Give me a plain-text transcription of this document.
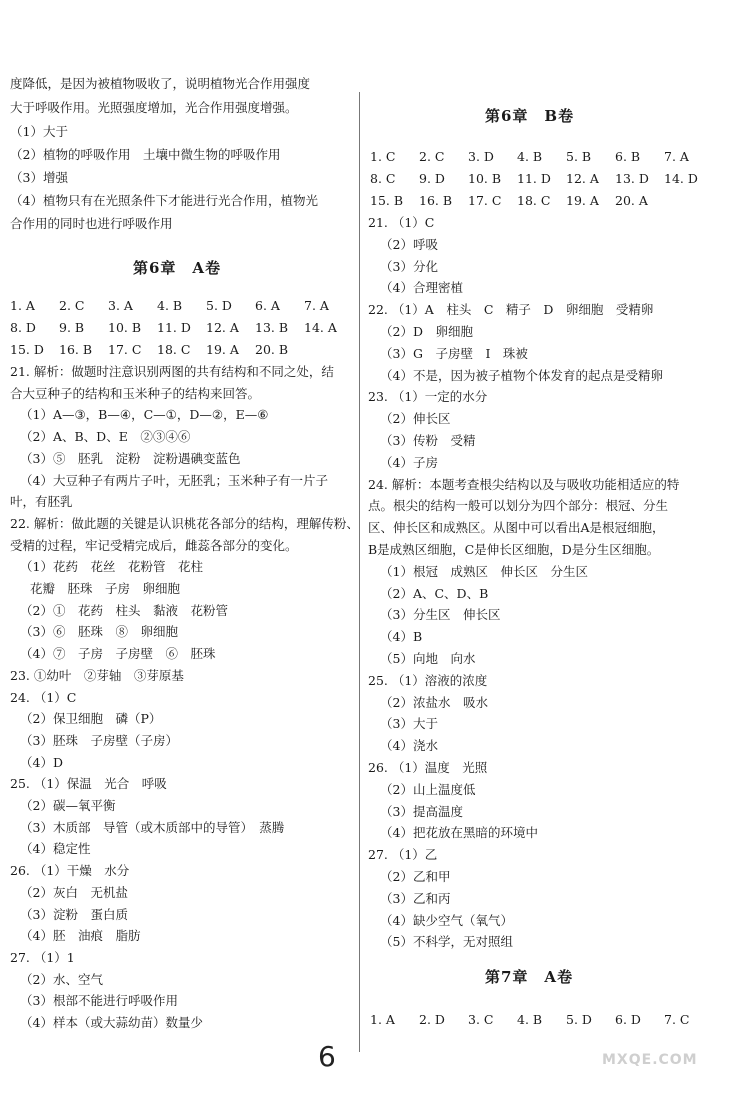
度降低，是因为被植物吸收了，说明植物光合作用强度
大于呼吸作用。光照强度增加，光合作用强度增强。
（1）大于
（2）植物的呼吸作用　土壤中微生物的呼吸作用
（3）增强
（4）植物只有在光照条件下才能进行光合作用，植物光
合作用的同时也进行呼吸作用
第6章　A卷
1. A 2. C 3. A 4. B 5. D 6. A 7. A
8. D 9. B 10. B 11. D 12. A 13. B 14. A
15. D 16. B 17. C 18. C 19. A 20. B
21. 解析：做题时注意识别两图的共有结构和不同之处，结
合大豆种子的结构和玉米种子的结构来回答。
（1）A—③，B—④，C—①，D—②，E—⑥
（2）A、B、D、E　②③④⑥
（3）⑤　胚乳　淀粉　淀粉遇碘变蓝色
（4）大豆种子有两片子叶，无胚乳；玉米种子有一片子
叶，有胚乳
22. 解析：做此题的关键是认识桃花各部分的结构，理解传粉、
受精的过程，牢记受精完成后，雌蕊各部分的变化。
（1）花药　花丝　花粉管　花柱
花瓣　胚珠　子房　卵细胞
（2）①　花药　柱头　黏液　花粉管
（3）⑥　胚珠　⑧　卵细胞
（4）⑦　子房　子房壁　⑥　胚珠
23. ①幼叶　②芽轴　③芽原基
24. （1）C
（2）保卫细胞　磷（P）
（3）胚珠　子房壁（子房）
（4）D
25. （1）保温　光合　呼吸
（2）碳—氧平衡
（3）木质部　导管（或木质部中的导管）　蒸腾
（4）稳定性
26. （1）干燥　水分
（2）灰白　无机盐
（3）淀粉　蛋白质
（4）胚　油痕　脂肪
27. （1）1
（2）水、空气
（3）根部不能进行呼吸作用
（4）样本（或大蒜幼苗）数量少
第6章　B卷
1. C 2. C 3. D 4. B 5. B 6. B 7. A
8. C 9. D 10. B 11. D 12. A 13. D 14. D
15. B 16. B 17. C 18. C 19. A 20. A
21. （1）C
（2）呼吸
（3）分化
（4）合理密植
22. （1）A　柱头　C　精子　D　卵细胞　受精卵
（2）D　卵细胞
（3）G　子房壁　I　珠被
（4）不是，因为被子植物个体发育的起点是受精卵
23. （1）一定的水分
（2）伸长区
（3）传粉　受精
（4）子房
24. 解析：本题考查根尖结构以及与吸收功能相适应的特
点。根尖的结构一般可以划分为四个部分：根冠、分生
区、伸长区和成熟区。从图中可以看出A是根冠细胞，
B是成熟区细胞，C是伸长区细胞，D是分生区细胞。
（1）根冠　成熟区　伸长区　分生区
（2）A、C、D、B
（3）分生区　伸长区
（4）B
（5）向地　向水
25. （1）溶液的浓度
（2）浓盐水　吸水
（3）大于
（4）浇水
26. （1）温度　光照
（2）山上温度低
（3）提高温度
（4）把花放在黑暗的环境中
27. （1）乙
（2）乙和甲
（3）乙和丙
（4）缺少空气（氧气）
（5）不科学，无对照组
第7章　A卷
1. A 2. D 3. C 4. B 5. D 6. D 7. C
6	MXQE.COM
